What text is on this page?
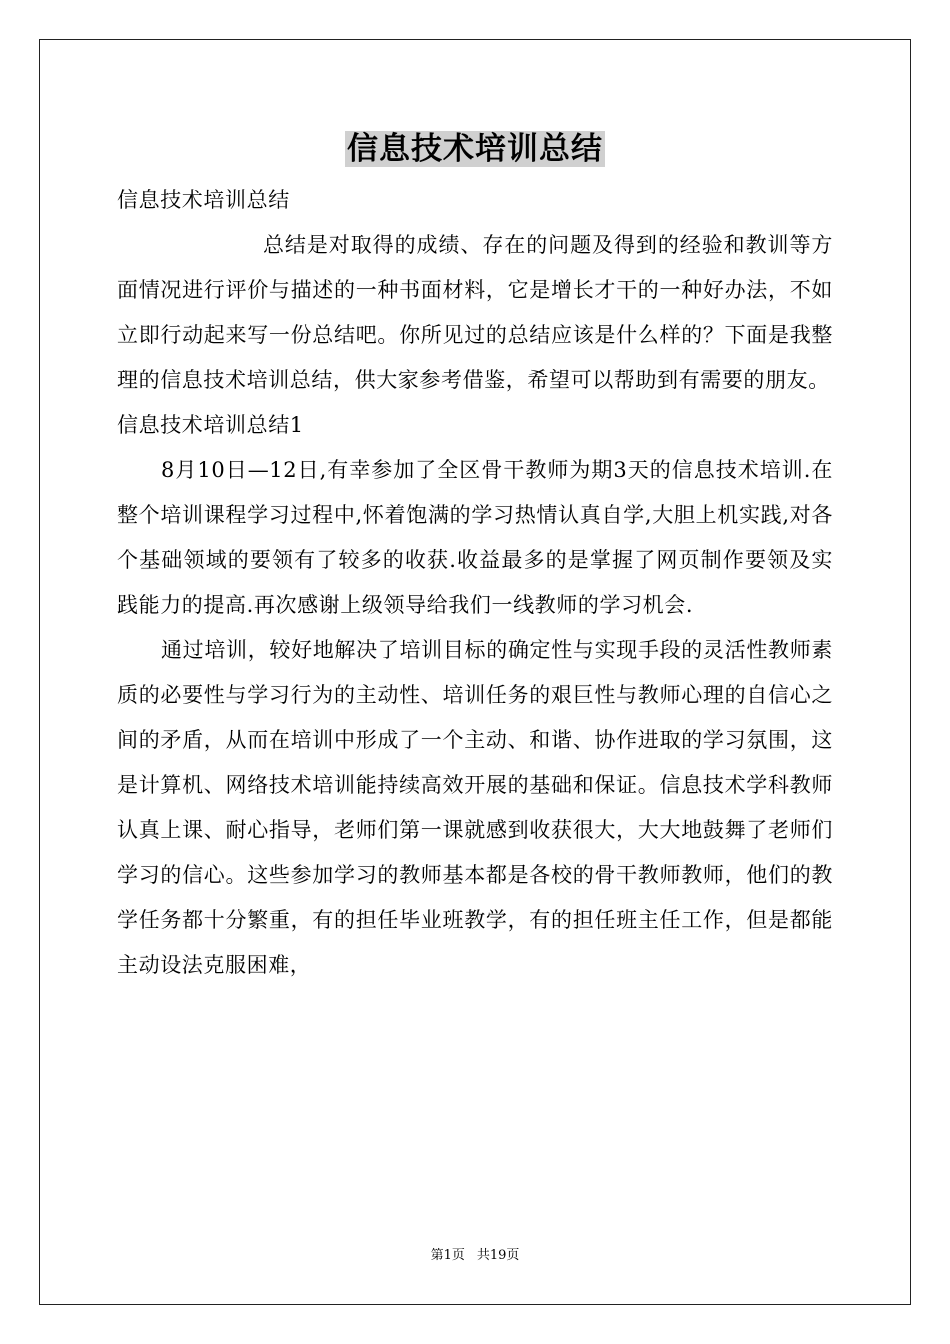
信息技术培训总结

信息技术培训总结

总结是对取得的成绩、存在的问题及得到的经验和教训等方面情况进行评价与描述的一种书面材料，它是增长才干的一种好办法，不如立即行动起来写一份总结吧。你所见过的总结应该是什么样的？下面是我整理的信息技术培训总结，供大家参考借鉴，希望可以帮助到有需要的朋友。

信息技术培训总结1

8月10日—12日,有幸参加了全区骨干教师为期3天的信息技术培训.在整个培训课程学习过程中,怀着饱满的学习热情认真自学,大胆上机实践,对各个基础领域的要领有了较多的收获.收益最多的是掌握了网页制作要领及实践能力的提高.再次感谢上级领导给我们一线教师的学习机会.

通过培训，较好地解决了培训目标的确定性与实现手段的灵活性教师素质的必要性与学习行为的主动性、培训任务的艰巨性与教师心理的自信心之间的矛盾，从而在培训中形成了一个主动、和谐、协作进取的学习氛围，这是计算机、网络技术培训能持续高效开展的基础和保证。信息技术学科教师认真上课、耐心指导，老师们第一课就感到收获很大，大大地鼓舞了老师们学习的信心。这些参加学习的教师基本都是各校的骨干教师教师，他们的教学任务都十分繁重，有的担任毕业班教学，有的担任班主任工作，但是都能主动设法克服困难，

第1页 共19页
